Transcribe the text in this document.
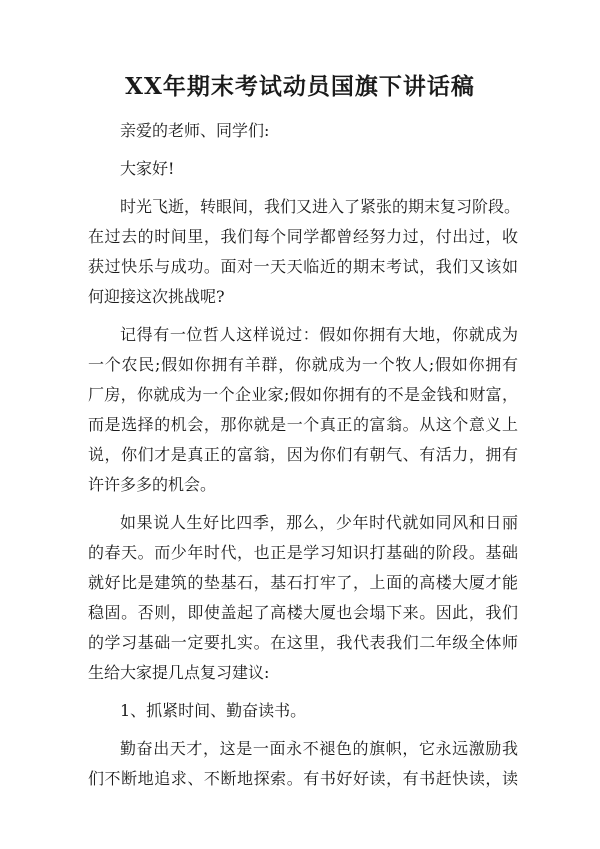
XX年期末考试动员国旗下讲话稿

亲爱的老师、同学们:

大家好!

时光飞逝，转眼间，我们又进入了紧张的期末复习阶段。
在过去的时间里，我们每个同学都曾经努力过，付出过，收
获过快乐与成功。面对一天天临近的期末考试，我们又该如
何迎接这次挑战呢?
记得有一位哲人这样说过：假如你拥有大地，你就成为
一个农民;假如你拥有羊群，你就成为一个牧人;假如你拥有
厂房，你就成为一个企业家;假如你拥有的不是金钱和财富，
而是选择的机会，那你就是一个真正的富翁。从这个意义上
说，你们才是真正的富翁，因为你们有朝气、有活力，拥有
许许多多的机会。
如果说人生好比四季，那么，少年时代就如同风和日丽
的春天。而少年时代，也正是学习知识打基础的阶段。基础
就好比是建筑的垫基石，基石打牢了，上面的高楼大厦才能
稳固。否则，即使盖起了高楼大厦也会塌下来。因此，我们
的学习基础一定要扎实。在这里，我代表我们二年级全体师
生给大家提几点复习建议:

1、抓紧时间、勤奋读书。

勤奋出天才，这是一面永不褪色的旗帜，它永远激励我
们不断地追求、不断地探索。有书好好读，有书赶快读，读
